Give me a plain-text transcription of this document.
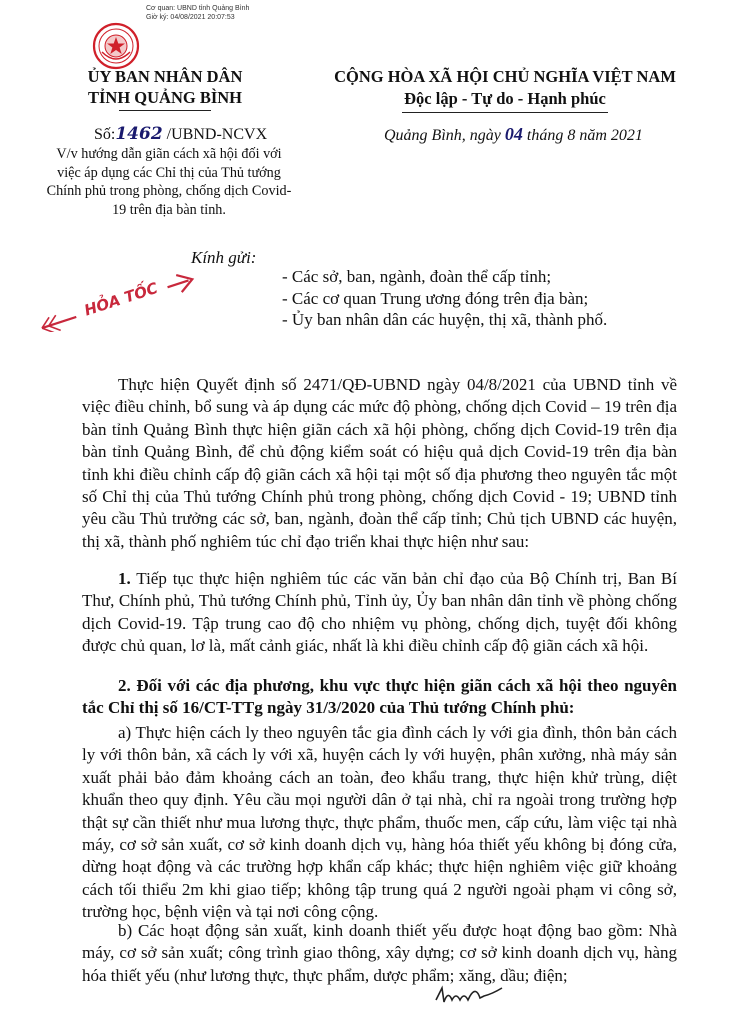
Cơ quan: UBND tỉnh Quảng Bình
Giờ ký: 04/08/2021 20:07:53
ỦY BAN NHÂN DÂN
TỈNH QUẢNG BÌNH
CỘNG HÒA XÃ HỘI CHỦ NGHĨA VIỆT NAM
Độc lập - Tự do - Hạnh phúc
Số:1462 /UBND-NCVX
V/v hướng dẫn giãn cách xã hội đối với việc áp dụng các Chỉ thị của Thủ tướng Chính phủ trong phòng, chống dịch Covid-19 trên địa bàn tỉnh.
Quảng Bình, ngày 04 tháng 8 năm 2021
HỎA TỐC
Kính gửi:
- Các sở, ban, ngành, đoàn thể cấp tỉnh;
- Các cơ quan Trung ương đóng trên địa bàn;
- Ủy ban nhân dân các huyện, thị xã, thành phố.
Thực hiện Quyết định số 2471/QĐ-UBND ngày 04/8/2021 của UBND tỉnh về việc điều chỉnh, bổ sung và áp dụng các mức độ phòng, chống dịch Covid – 19 trên địa bàn tỉnh Quảng Bình thực hiện giãn cách xã hội phòng, chống dịch Covid-19 trên địa bàn tỉnh Quảng Bình, để chủ động kiểm soát có hiệu quả dịch Covid-19 trên địa bàn tỉnh khi điều chỉnh cấp độ giãn cách xã hội tại một số địa phương theo nguyên tắc một số Chỉ thị của Thủ tướng Chính phủ trong phòng, chống dịch Covid - 19; UBND tỉnh yêu cầu Thủ trưởng các sở, ban, ngành, đoàn thể cấp tỉnh; Chủ tịch UBND các huyện, thị xã, thành phố nghiêm túc chỉ đạo triển khai thực hiện như sau:
1. Tiếp tục thực hiện nghiêm túc các văn bản chỉ đạo của Bộ Chính trị, Ban Bí Thư, Chính phủ, Thủ tướng Chính phủ, Tỉnh ủy, Ủy ban nhân dân tỉnh về phòng chống dịch Covid-19. Tập trung cao độ cho nhiệm vụ phòng, chống dịch, tuyệt đối không được chủ quan, lơ là, mất cảnh giác, nhất là khi điều chỉnh cấp độ giãn cách xã hội.
2. Đối với các địa phương, khu vực thực hiện giãn cách xã hội theo nguyên tắc Chỉ thị số 16/CT-TTg ngày 31/3/2020 của Thủ tướng Chính phủ:
a) Thực hiện cách ly theo nguyên tắc gia đình cách ly với gia đình, thôn bản cách ly với thôn bản, xã cách ly với xã, huyện cách ly với huyện, phân xưởng, nhà máy sản xuất phải bảo đảm khoảng cách an toàn, đeo khẩu trang, thực hiện khử trùng, diệt khuẩn theo quy định. Yêu cầu mọi người dân ở tại nhà, chỉ ra ngoài trong trường hợp thật sự cần thiết như mua lương thực, thực phẩm, thuốc men, cấp cứu, làm việc tại nhà máy, cơ sở sản xuất, cơ sở kinh doanh dịch vụ, hàng hóa thiết yếu không bị đóng cửa, dừng hoạt động và các trường hợp khẩn cấp khác; thực hiện nghiêm việc giữ khoảng cách tối thiểu 2m khi giao tiếp; không tập trung quá 2 người ngoài phạm vi công sở, trường học, bệnh viện và tại nơi công cộng.
b) Các hoạt động sản xuất, kinh doanh thiết yếu được hoạt động bao gồm: Nhà máy, cơ sở sản xuất; công trình giao thông, xây dựng; cơ sở kinh doanh dịch vụ, hàng hóa thiết yếu (như lương thực, thực phẩm, dược phẩm; xăng, dầu; điện;
